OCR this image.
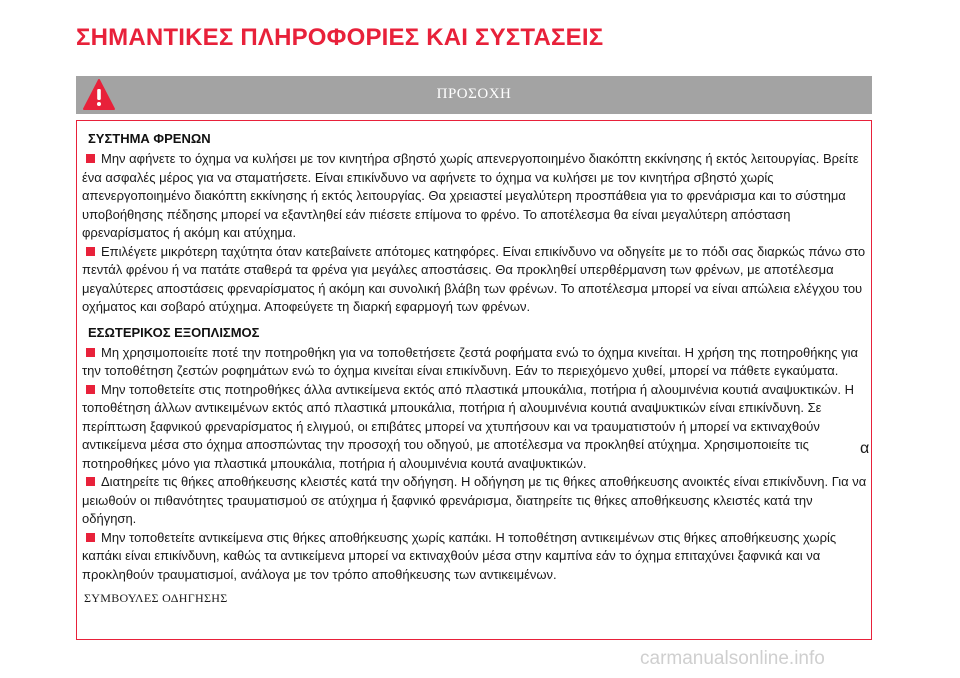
ΣΗΜΑΝΤΙΚΕΣ ΠΛΗΡΟΦΟΡΙΕΣ ΚΑΙ ΣΥΣΤΑΣΕΙΣ
ΠΡΟΣΟΧΗ
ΣΥΣΤΗΜΑ ΦΡΕΝΩΝ

Μην αφήνετε το όχημα να κυλήσει με τον κινητήρα σβηστό χωρίς απενεργοποιημένο διακόπτη εκκίνησης ή εκτός λειτουργίας. Βρείτε ένα ασφαλές μέρος για να σταματήσετε. Είναι επικίνδυνο να αφήνετε το όχημα να κυλήσει με τον κινητήρα σβηστό χωρίς απενεργοποιημένο διακόπτη εκκίνησης ή εκτός λειτουργίας. Θα χρειαστεί μεγαλύτερη προσπάθεια για το φρενάρισμα και το σύστημα υποβοήθησης πέδησης μπορεί να εξαντληθεί εάν πιέσετε επίμονα το φρένο. Το αποτέλεσμα θα είναι μεγαλύτερη απόσταση φρεναρίσματος ή ακόμη και ατύχημα.

Επιλέγετε μικρότερη ταχύτητα όταν κατεβαίνετε απότομες κατηφόρες. Είναι επικίνδυνο να οδηγείτε με το πόδι σας διαρκώς πάνω στο πεντάλ φρένου ή να πατάτε σταθερά τα φρένα για μεγάλες αποστάσεις. Θα προκληθεί υπερθέρμανση των φρένων, με αποτέλεσμα μεγαλύτερες αποστάσεις φρεναρίσματος ή ακόμη και συνολική βλάβη των φρένων. Το αποτέλεσμα μπορεί να είναι απώλεια ελέγχου του οχήματος και σοβαρό ατύχημα. Αποφεύγετε τη διαρκή εφαρμογή των φρένων.

ΕΣΩΤΕΡΙΚΟΣ ΕΞΟΠΛΙΣΜΟΣ

Μη χρησιμοποιείτε ποτέ την ποτηροθήκη για να τοποθετήσετε ζεστά ροφήματα ενώ το όχημα κινείται. Η χρήση της ποτηροθήκης για την τοποθέτηση ζεστών ροφημάτων ενώ το όχημα κινείται είναι επικίνδυνη. Εάν το περιεχόμενο χυθεί, μπορεί να πάθετε εγκαύματα.

Μην τοποθετείτε στις ποτηροθήκες άλλα αντικείμενα εκτός από πλαστικά μπουκάλια, ποτήρια ή αλουμινένια κουτιά αναψυκτικών. Η τοποθέτηση άλλων αντικειμένων εκτός από πλαστικά μπουκάλια, ποτήρια ή αλουμινένια κουτιά αναψυκτικών είναι επικίνδυνη. Σε περίπτωση ξαφνικού φρεναρίσματος ή ελιγμού, οι επιβάτες μπορεί να χτυπήσουν και να τραυματιστούν ή μπορεί να εκτιναχθούν αντικείμενα μέσα στο όχημα αποσπώντας την προσοχή του οδηγού, με αποτέλεσμα να προκληθεί ατύχημα. Χρησιμοποιείτε τις ποτηροθήκες μόνο για πλαστικά μπουκάλια, ποτήρια ή αλουμινένια κουτά αναψυκτικών.

Διατηρείτε τις θήκες αποθήκευσης κλειστές κατά την οδήγηση. Η οδήγηση με τις θήκες αποθήκευσης ανοικτές είναι επικίνδυνη. Για να μειωθούν οι πιθανότητες τραυματισμού σε ατύχημα ή ξαφνικό φρενάρισμα, διατηρείτε τις θήκες αποθήκευσης κλειστές κατά την οδήγηση.

Μην τοποθετείτε αντικείμενα στις θήκες αποθήκευσης χωρίς καπάκι. Η τοποθέτηση αντικειμένων στις θήκες αποθήκευσης χωρίς καπάκι είναι επικίνδυνη, καθώς τα αντικείμενα μπορεί να εκτιναχθούν μέσα στην καμπίνα εάν το όχημα επιταχύνει ξαφνικά και να προκληθούν τραυματισμοί, ανάλογα με τον τρόπο αποθήκευσης των αντικειμένων.

ΣΥΜΒΟΥΛΕΣ ΟΔΗΓΗΣΗΣ
α
carmanualsonline.info
